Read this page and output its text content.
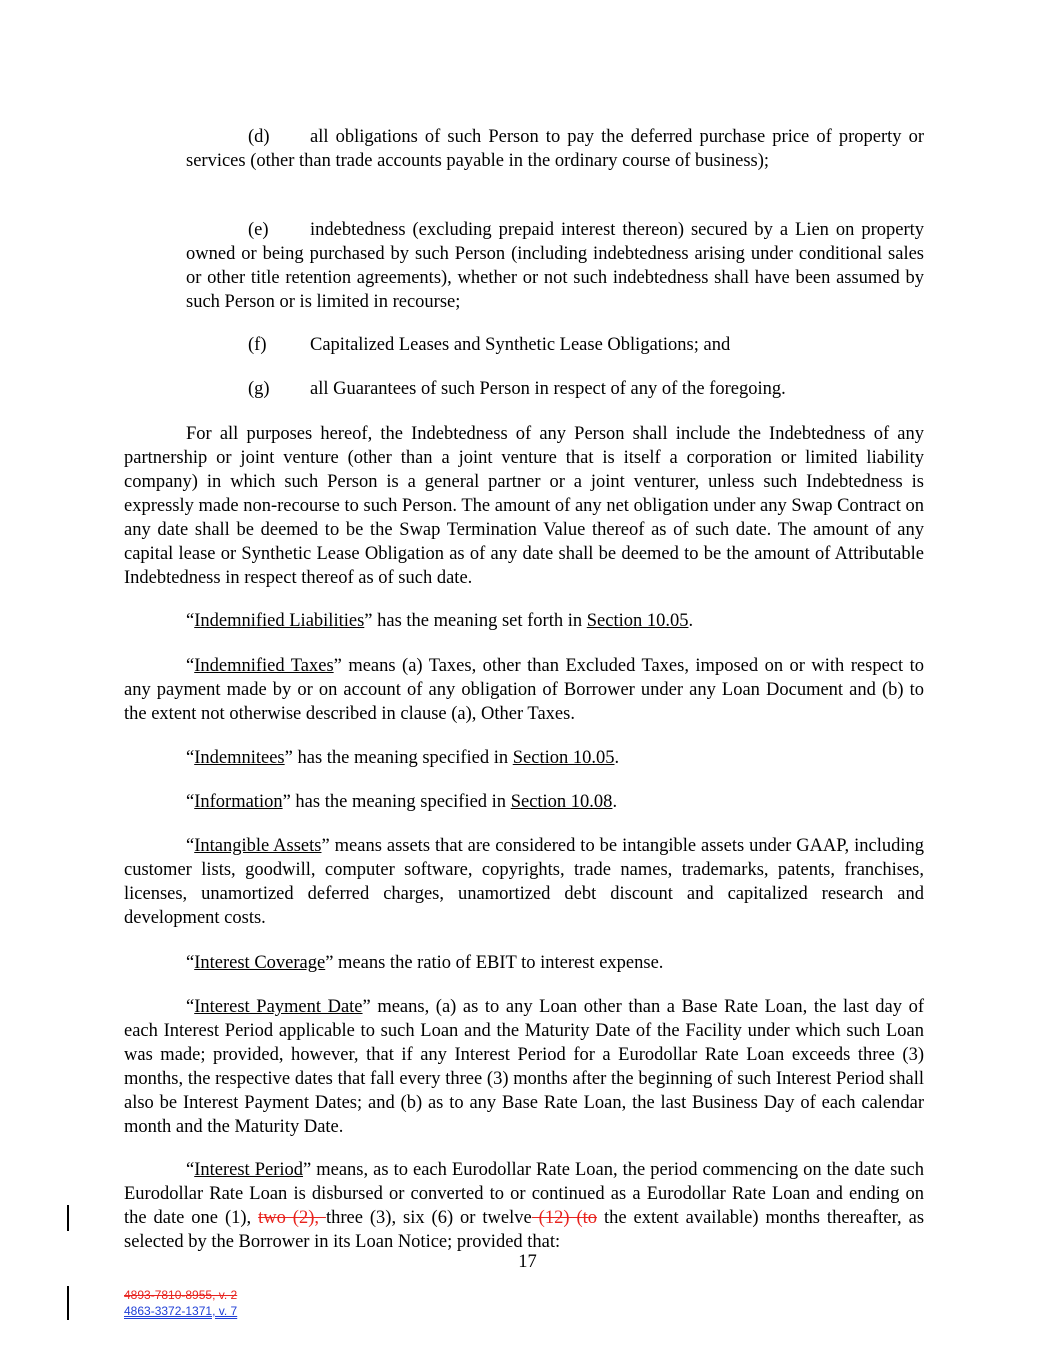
(d) all obligations of such Person to pay the deferred purchase price of property or services (other than trade accounts payable in the ordinary course of business);

(e) indebtedness (excluding prepaid interest thereon) secured by a Lien on property owned or being purchased by such Person (including indebtedness arising under conditional sales or other title retention agreements), whether or not such indebtedness shall have been assumed by such Person or is limited in recourse;

(f) Capitalized Leases and Synthetic Lease Obligations; and

(g) all Guarantees of such Person in respect of any of the foregoing.

For all purposes hereof, the Indebtedness of any Person shall include the Indebtedness of any partnership or joint venture (other than a joint venture that is itself a corporation or limited liability company) in which such Person is a general partner or a joint venturer, unless such Indebtedness is expressly made non-recourse to such Person. The amount of any net obligation under any Swap Contract on any date shall be deemed to be the Swap Termination Value thereof as of such date. The amount of any capital lease or Synthetic Lease Obligation as of any date shall be deemed to be the amount of Attributable Indebtedness in respect thereof as of such date.

“Indemnified Liabilities” has the meaning set forth in Section 10.05.

“Indemnified Taxes” means (a) Taxes, other than Excluded Taxes, imposed on or with respect to any payment made by or on account of any obligation of Borrower under any Loan Document and (b) to the extent not otherwise described in clause (a), Other Taxes.

“Indemnitees” has the meaning specified in Section 10.05.

“Information” has the meaning specified in Section 10.08.

“Intangible Assets” means assets that are considered to be intangible assets under GAAP, including customer lists, goodwill, computer software, copyrights, trade names, trademarks, patents, franchises, licenses, unamortized deferred charges, unamortized debt discount and capitalized research and development costs.

“Interest Coverage” means the ratio of EBIT to interest expense.

“Interest Payment Date” means, (a) as to any Loan other than a Base Rate Loan, the last day of each Interest Period applicable to such Loan and the Maturity Date of the Facility under which such Loan was made; provided, however, that if any Interest Period for a Eurodollar Rate Loan exceeds three (3) months, the respective dates that fall every three (3) months after the beginning of such Interest Period shall also be Interest Payment Dates; and (b) as to any Base Rate Loan, the last Business Day of each calendar month and the Maturity Date.

“Interest Period” means, as to each Eurodollar Rate Loan, the period commencing on the date such Eurodollar Rate Loan is disbursed or converted to or continued as a Eurodollar Rate Loan and ending on the date one (1), two (2), three (3), six (6) or twelve (12) (to the extent available) months thereafter, as selected by the Borrower in its Loan Notice; provided that:

17
4893-7810-8955, v. 2
4863-3372-1371, v. 7
